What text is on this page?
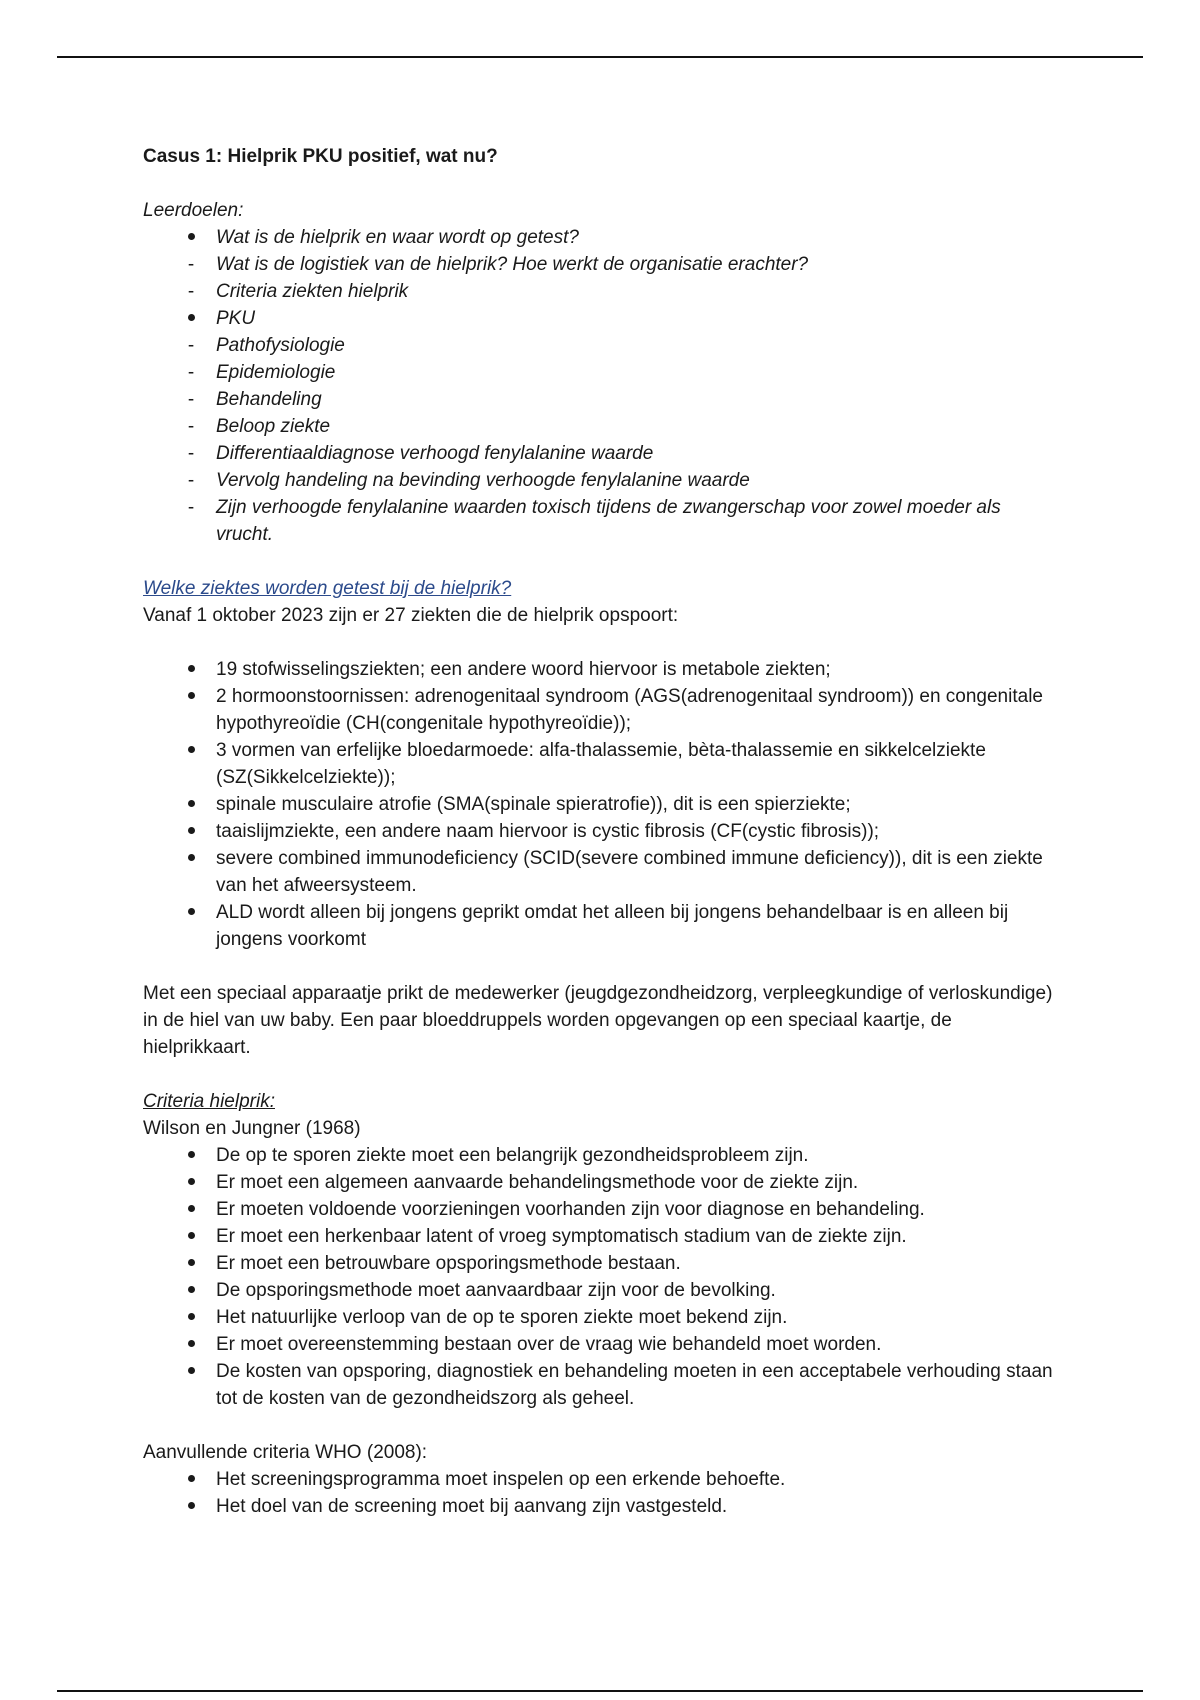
Casus 1: Hielprik PKU positief, wat nu?

Leerdoelen:

Wat is de hielprik en waar wordt op getest?
-	Wat is de logistiek van de hielprik? Hoe werkt de organisatie erachter?
-	Criteria ziekten hielprik
PKU
-	Pathofysiologie
-	Epidemiologie
-	Behandeling
-	Beloop ziekte
-	Differentiaaldiagnose verhoogd fenylalanine waarde
-	Vervolg handeling na bevinding verhoogde fenylalanine waarde
-	Zijn verhoogde fenylalanine waarden toxisch tijdens de zwangerschap voor zowel moeder als vrucht.

Welke ziektes worden getest bij de hielprik?

Vanaf 1 oktober 2023 zijn er 27 ziekten die de hielprik opspoort:

19 stofwisselingsziekten; een andere woord hiervoor is metabole ziekten;
2 hormoonstoornissen: adrenogenitaal syndroom (AGS(adrenogenitaal syndroom)) en congenitale hypothyreoïdie (CH(congenitale hypothyreoïdie));
3 vormen van erfelijke bloedarmoede: alfa-thalassemie, bèta-thalassemie en sikkelcelziekte (SZ(Sikkelcelziekte));
spinale musculaire atrofie (SMA(spinale spieratrofie)), dit is een spierziekte;
taaislijmziekte, een andere naam hiervoor is cystic fibrosis (CF(cystic fibrosis));
severe combined immunodeficiency (SCID(severe combined immune deficiency)), dit is een ziekte van het afweersysteem.
ALD wordt alleen bij jongens geprikt omdat het alleen bij jongens behandelbaar is en alleen bij jongens voorkomt

Met een speciaal apparaatje prikt de medewerker (jeugdgezondheidzorg, verpleegkundige of verloskundige) in de hiel van uw baby. Een paar bloeddruppels worden opgevangen op een speciaal kaartje, de hielprikkaart.

Criteria hielprik:

Wilson en Jungner (1968)

De op te sporen ziekte moet een belangrijk gezondheidsprobleem zijn.
Er moet een algemeen aanvaarde behandelingsmethode voor de ziekte zijn.
Er moeten voldoende voorzieningen voorhanden zijn voor diagnose en behandeling.
Er moet een herkenbaar latent of vroeg symptomatisch stadium van de ziekte zijn.
Er moet een betrouwbare opsporingsmethode bestaan.
De opsporingsmethode moet aanvaardbaar zijn voor de bevolking.
Het natuurlijke verloop van de op te sporen ziekte moet bekend zijn.
Er moet overeenstemming bestaan over de vraag wie behandeld moet worden.
De kosten van opsporing, diagnostiek en behandeling moeten in een acceptabele verhouding staan tot de kosten van de gezondheidszorg als geheel.

Aanvullende criteria WHO (2008):

Het screeningsprogramma moet inspelen op een erkende behoefte.
Het doel van de screening moet bij aanvang zijn vastgesteld.
